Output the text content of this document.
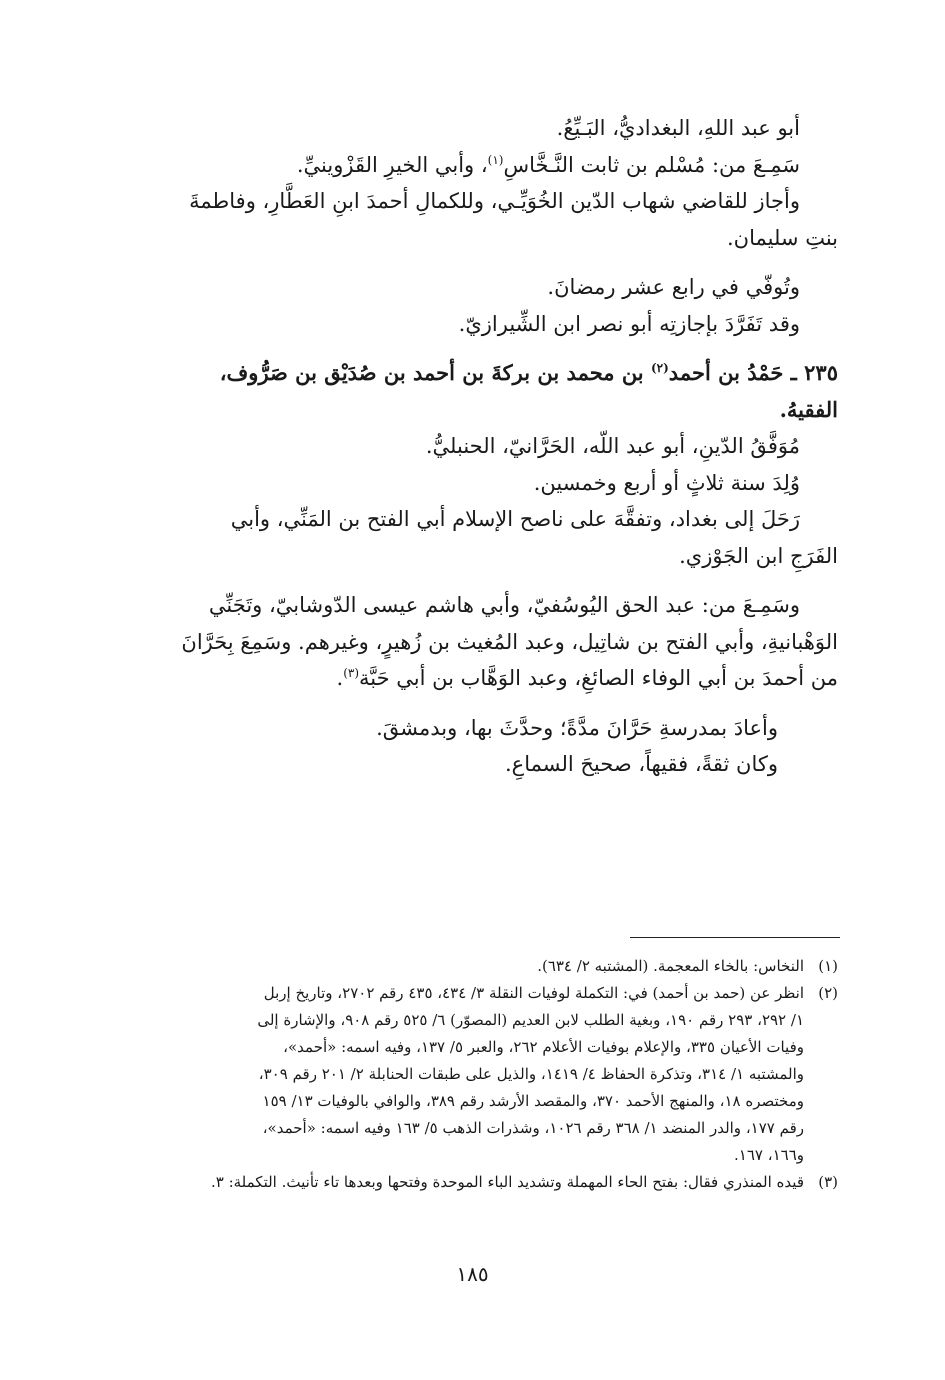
أبو عبد اللهِ، البغداديُّ، البَـيِّعُ.
سَمِـعَ من: مُسْلم بن ثابت النَّـخَّاسِ$^{(١)}$، وأبي الخيرِ القَزْوينيِّ.
وأجاز للقاضي شهاب الدّين الخُوَيِّـي، وللكمالِ أحمدَ ابنِ العَطَّارِ، وفاطمةَ
بنتِ سليمان.
وتُوفّي في رابع عشر رمضانَ.
وقد تَفَرَّدَ بإجازتِه أبو نصر ابن الشِّيرازيّ.
٢٣٥ ـ حَمْدُ بن أحمد$^{(٢)}$ بن محمد بن بركةَ بن أحمد بن صُدَيْق بن صَرُّوف،
الفقيهُ.
مُوَفَّقُ الدّينِ، أبو عبد اللّه، الحَرَّانيّ، الحنبليُّ.
وُلِدَ سنة ثلاثٍ أو أربع وخمسين.
رَحَلَ إلى بغداد، وتفقَّهَ على ناصح الإسلام أبي الفتح بن المَنِّي، وأبي
الفَرَجِ ابن الجَوْزي.
وسَمِـعَ من: عبد الحق اليُوسُفيّ، وأبي هاشم عيسى الدّوشابيّ، وتَجَنِّي
الوَهْبانيةِ، وأبي الفتح بن شاتِيل، وعبد المُغيث بن زُهيرٍ، وغيرهم. وسَمِعَ بِحَرَّانَ
من أحمدَ بن أبي الوفاء الصائغِ، وعبد الوَهَّاب بن أبي حَبَّة$^{(٣)}$.
وأعادَ بمدرسةِ حَرَّانَ مدَّةً؛ وحدَّثَ بها، وبدمشقَ.
وكان ثقةً، فقيهاً، صحيحَ السماعِ.
(١)
النخاس: بالخاء المعجمة. (المشتبه ٢/ ٦٣٤).
(٢)
انظر عن (حمد بن أحمد) في: التكملة لوفيات النقلة ٣/ ٤٣٤، ٤٣٥ رقم ٢٧٠٢، وتاريخ إربل
١/ ٢٩٢، ٢٩٣ رقم ١٩٠، وبغية الطلب لابن العديم (المصوّر) ٦/ ٥٢٥ رقم ٩٠٨، والإشارة إلى
وفيات الأعيان ٣٣٥، والإعلام بوفيات الأعلام ٢٦٢، والعبر ٥/ ١٣٧، وفيه اسمه: «أحمد»،
والمشتبه ١/ ٣١٤، وتذكرة الحفاظ ٤/ ١٤١٩، والذيل على طبقات الحنابلة ٢/ ٢٠١ رقم ٣٠٩،
ومختصره ١٨، والمنهج الأحمد ٣٧٠، والمقصد الأرشد رقم ٣٨٩، والوافي بالوفيات ١٣/ ١٥٩
رقم ١٧٧، والدر المنضد ١/ ٣٦٨ رقم ١٠٢٦، وشذرات الذهب ٥/ ١٦٣ وفيه اسمه: «أحمد»،
و١٦٦، ١٦٧.
(٣)
قيده المنذري فقال: بفتح الحاء المهملة وتشديد الباء الموحدة وفتحها وبعدها تاء تأنيث. التكملة: ٣.
١٨٥
